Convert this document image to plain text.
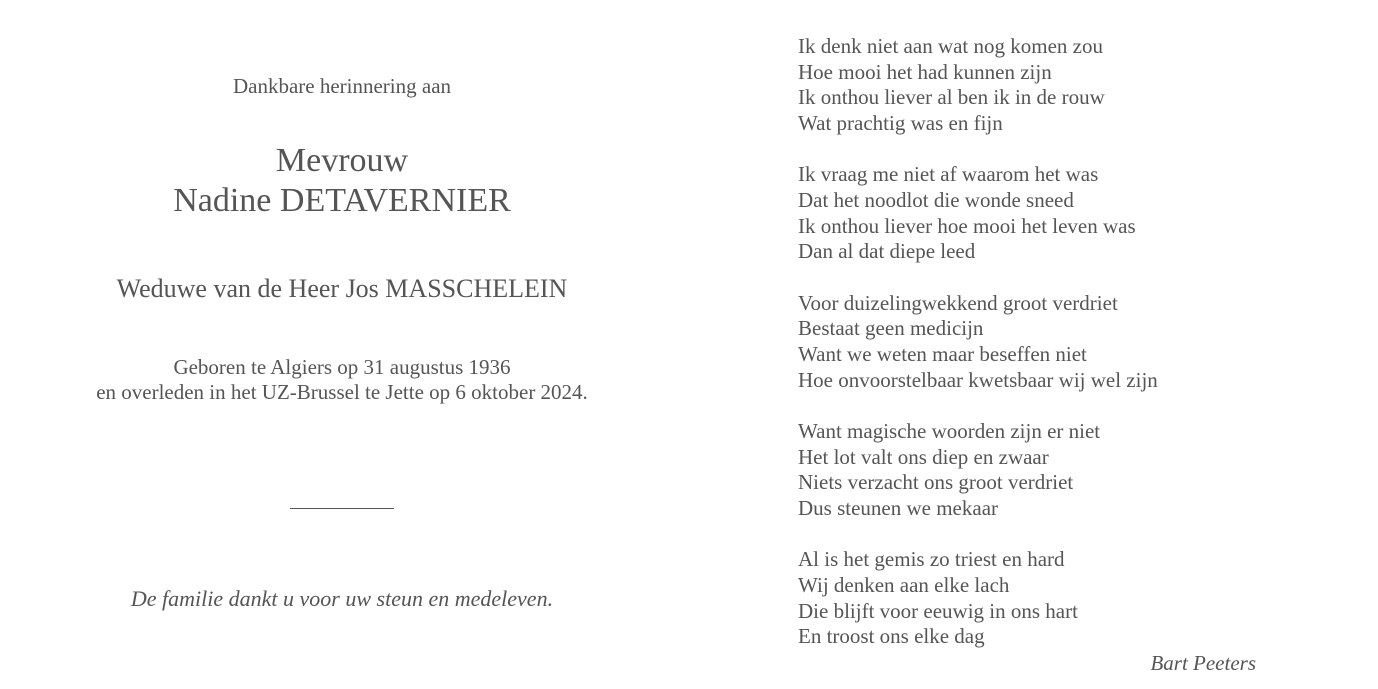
Dankbare herinnering aan
Mevrouw
Nadine DETAVERNIER
Weduwe van de Heer Jos MASSCHELEIN
Geboren te Algiers op 31 augustus 1936
en overleden in het UZ-Brussel te Jette op 6 oktober 2024.
De familie dankt u voor uw steun en medeleven.
Ik denk niet aan wat nog komen zou
Hoe mooi het had kunnen zijn
Ik onthou liever al ben ik in de rouw
Wat prachtig was en fijn
Ik vraag me niet af waarom het was
Dat het noodlot die wonde sneed
Ik onthou liever hoe mooi het leven was
Dan al dat diepe leed
Voor duizelingwekkend groot verdriet
Bestaat geen medicijn
Want we weten maar beseffen niet
Hoe onvoorstelbaar kwetsbaar wij wel zijn
Want magische woorden zijn er niet
Het lot valt ons diep en zwaar
Niets verzacht ons groot verdriet
Dus steunen we mekaar
Al is het gemis zo triest en hard
Wij denken aan elke lach
Die blijft voor eeuwig in ons hart
En troost ons elke dag
Bart Peeters
